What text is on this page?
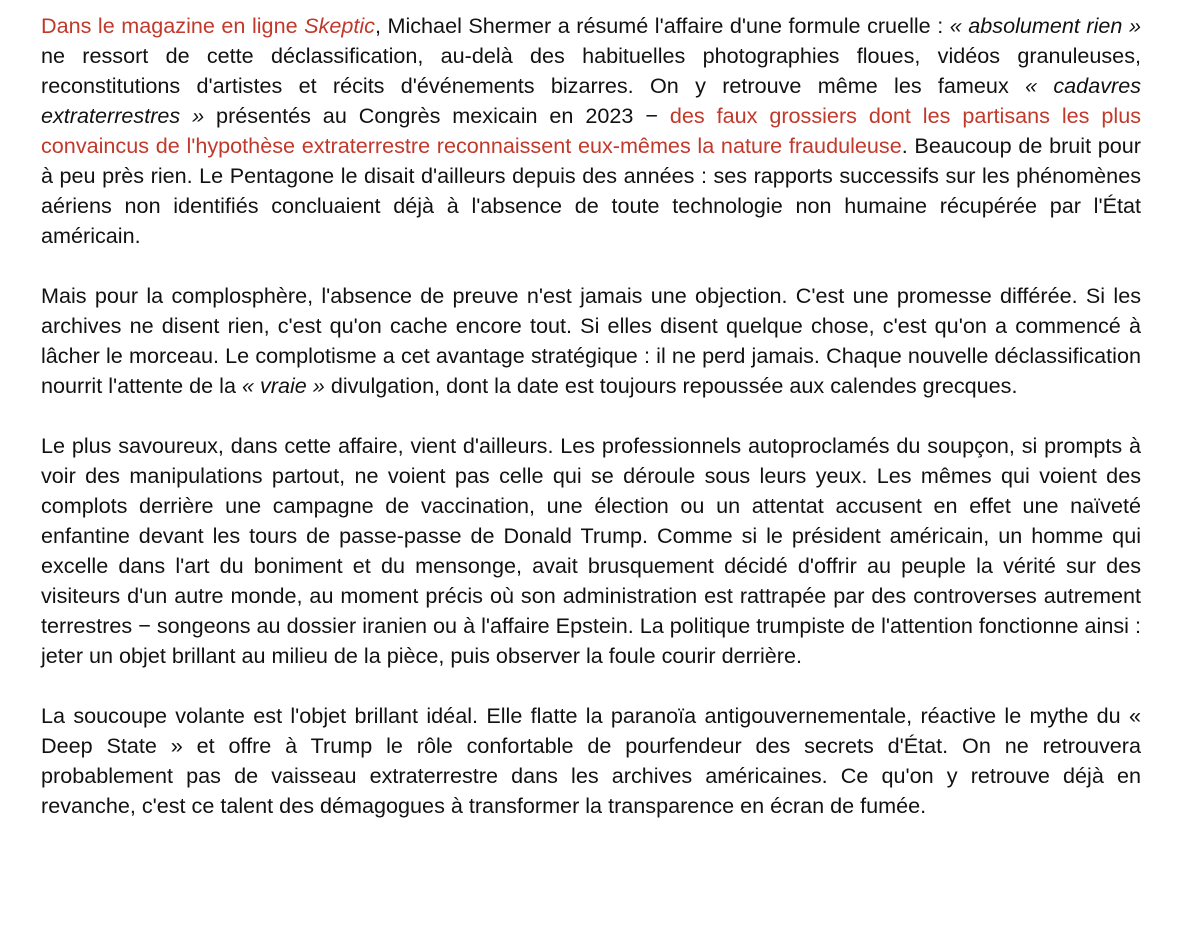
Dans le magazine en ligne Skeptic, Michael Shermer a résumé l'affaire d'une formule cruelle : « absolument rien » ne ressort de cette déclassification, au-delà des habituelles photographies floues, vidéos granuleuses, reconstitutions d'artistes et récits d'événements bizarres. On y retrouve même les fameux « cadavres extraterrestres » présentés au Congrès mexicain en 2023 − des faux grossiers dont les partisans les plus convaincus de l'hypothèse extraterrestre reconnaissent eux-mêmes la nature frauduleuse. Beaucoup de bruit pour à peu près rien. Le Pentagone le disait d'ailleurs depuis des années : ses rapports successifs sur les phénomènes aériens non identifiés concluaient déjà à l'absence de toute technologie non humaine récupérée par l'État américain.

Mais pour la complosphère, l'absence de preuve n'est jamais une objection. C'est une promesse différée. Si les archives ne disent rien, c'est qu'on cache encore tout. Si elles disent quelque chose, c'est qu'on a commencé à lâcher le morceau. Le complotisme a cet avantage stratégique : il ne perd jamais. Chaque nouvelle déclassification nourrit l'attente de la « vraie » divulgation, dont la date est toujours repoussée aux calendes grecques.

Le plus savoureux, dans cette affaire, vient d'ailleurs. Les professionnels autoproclamés du soupçon, si prompts à voir des manipulations partout, ne voient pas celle qui se déroule sous leurs yeux. Les mêmes qui voient des complots derrière une campagne de vaccination, une élection ou un attentat accusent en effet une naïveté enfantine devant les tours de passe-passe de Donald Trump. Comme si le président américain, un homme qui excelle dans l'art du boniment et du mensonge, avait brusquement décidé d'offrir au peuple la vérité sur des visiteurs d'un autre monde, au moment précis où son administration est rattrapée par des controverses autrement terrestres − songeons au dossier iranien ou à l'affaire Epstein. La politique trumpiste de l'attention fonctionne ainsi : jeter un objet brillant au milieu de la pièce, puis observer la foule courir derrière.

La soucoupe volante est l'objet brillant idéal. Elle flatte la paranoïa antigouvernementale, réactive le mythe du « Deep State » et offre à Trump le rôle confortable de pourfendeur des secrets d'État. On ne retrouvera probablement pas de vaisseau extraterrestre dans les archives américaines. Ce qu'on y retrouve déjà en revanche, c'est ce talent des démagogues à transformer la transparence en écran de fumée.
